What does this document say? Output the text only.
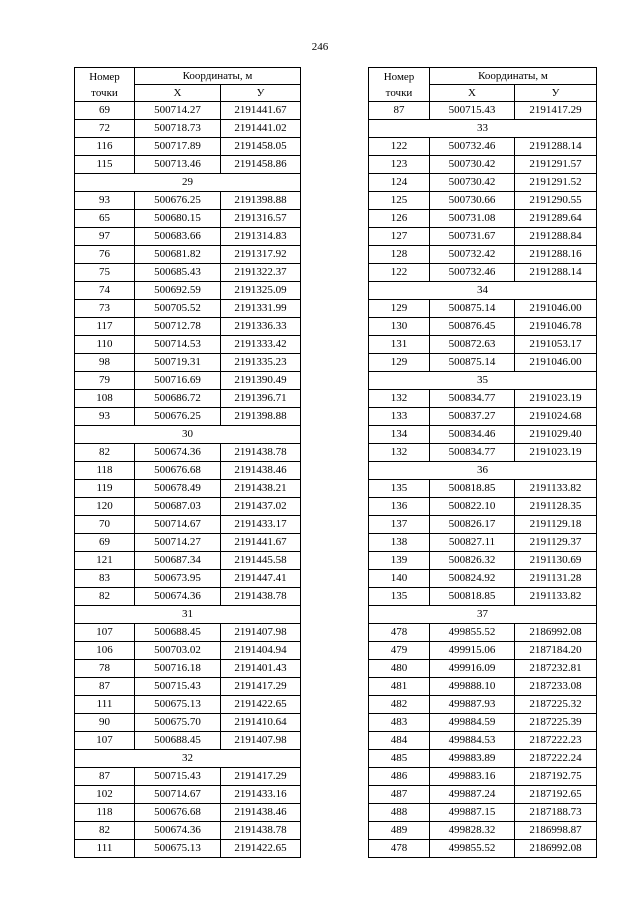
246
Номер
точки	Координаты, м	
	X	У
69	500714.27	2191441.67
72	500718.73	2191441.02
116	500717.89	2191458.05
115	500713.46	2191458.86
29		
93	500676.25	2191398.88
65	500680.15	2191316.57
97	500683.66	2191314.83
76	500681.82	2191317.92
75	500685.43	2191322.37
74	500692.59	2191325.09
73	500705.52	2191331.99
117	500712.78	2191336.33
110	500714.53	2191333.42
98	500719.31	2191335.23
79	500716.69	2191390.49
108	500686.72	2191396.71
93	500676.25	2191398.88
30		
82	500674.36	2191438.78
118	500676.68	2191438.46
119	500678.49	2191438.21
120	500687.03	2191437.02
70	500714.67	2191433.17
69	500714.27	2191441.67
121	500687.34	2191445.58
83	500673.95	2191447.41
82	500674.36	2191438.78
31		
107	500688.45	2191407.98
106	500703.02	2191404.94
78	500716.18	2191401.43
87	500715.43	2191417.29
111	500675.13	2191422.65
90	500675.70	2191410.64
107	500688.45	2191407.98
32		
87	500715.43	2191417.29
102	500714.67	2191433.16
118	500676.68	2191438.46
82	500674.36	2191438.78
111	500675.13	2191422.65
Номер
точки	Координаты, м	
	X	У
87	500715.43	2191417.29
33		
122	500732.46	2191288.14
123	500730.42	2191291.57
124	500730.42	2191291.52
125	500730.66	2191290.55
126	500731.08	2191289.64
127	500731.67	2191288.84
128	500732.42	2191288.16
122	500732.46	2191288.14
34		
129	500875.14	2191046.00
130	500876.45	2191046.78
131	500872.63	2191053.17
129	500875.14	2191046.00
35		
132	500834.77	2191023.19
133	500837.27	2191024.68
134	500834.46	2191029.40
132	500834.77	2191023.19
36		
135	500818.85	2191133.82
136	500822.10	2191128.35
137	500826.17	2191129.18
138	500827.11	2191129.37
139	500826.32	2191130.69
140	500824.92	2191131.28
135	500818.85	2191133.82
37		
478	499855.52	2186992.08
479	499915.06	2187184.20
480	499916.09	2187232.81
481	499888.10	2187233.08
482	499887.93	2187225.32
483	499884.59	2187225.39
484	499884.53	2187222.23
485	499883.89	2187222.24
486	499883.16	2187192.75
487	499887.24	2187192.65
488	499887.15	2187188.73
489	499828.32	2186998.87
478	499855.52	2186992.08
